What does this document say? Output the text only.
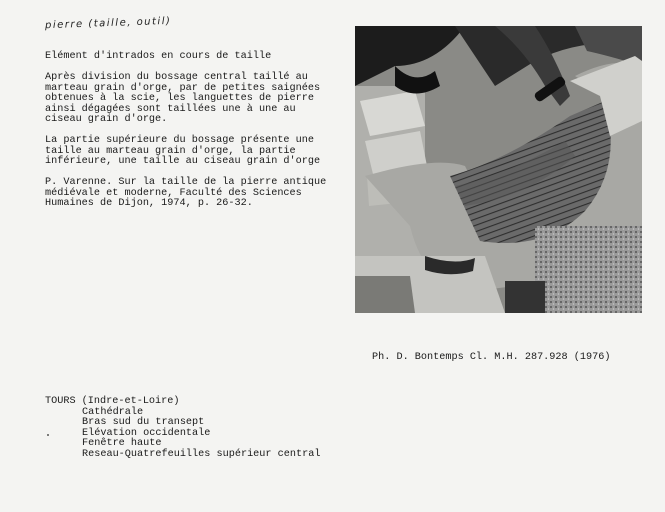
pierre (taille, outil)
Elément d'intrados en cours de taille
Après division du bossage central taillé au
marteau grain d'orge, par de petites saignées
obtenues à la scie, les languettes de pierre
ainsi dégagées sont taillées une à une au
ciseau grain d'orge.
La partie supérieure du bossage présente une
taille au marteau grain d'orge, la partie
inférieure, une taille au ciseau grain d'orge
P. Varenne. Sur la taille de la pierre antique
médiévale et moderne, Faculté des Sciences
Humaines de Dijon, 1974, p. 26-32.
Ph. D. Bontemps Cl. M.H. 287.928 (1976)
TOURS (Indre-et-Loire)
Cathédrale
Bras sud du transept
Elévation occidentale
Fenêtre haute
Reseau-Quatrefeuilles supérieur central
